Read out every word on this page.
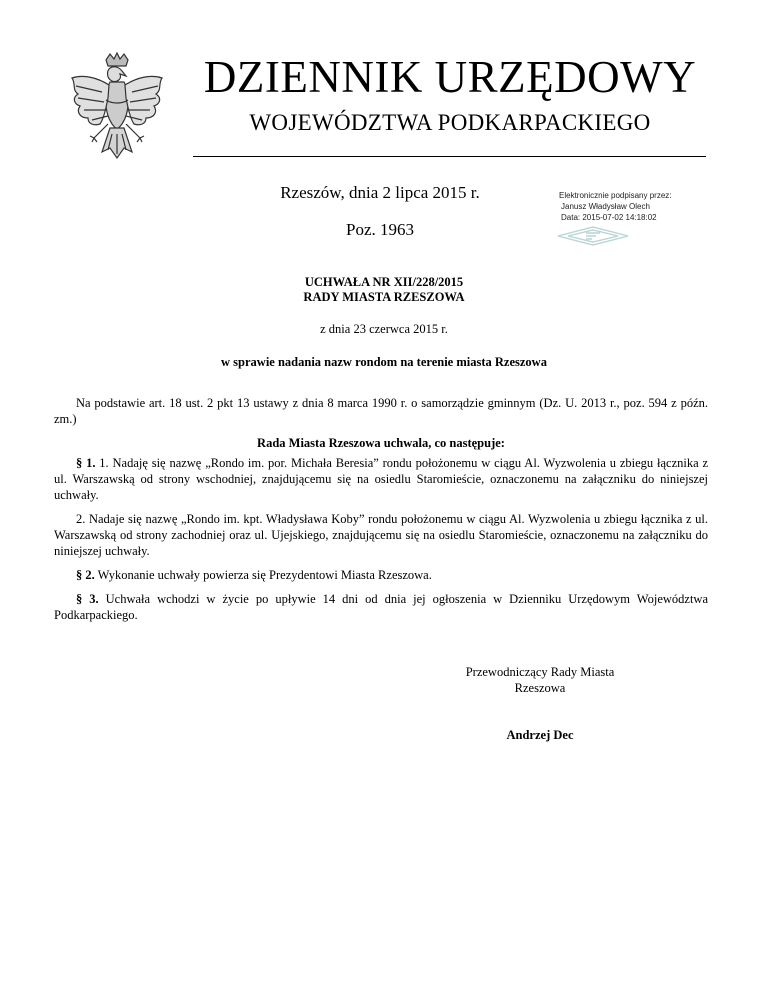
DZIENNIK URZĘDOWY
WOJEWÓDZTWA PODKARPACKIEGO
Rzeszów, dnia 2 lipca 2015 r.
Poz. 1963
Elektronicznie podpisany przez:
Janusz Władysław Olech
Data: 2015-07-02 14:18:02
UCHWAŁA NR XII/228/2015
RADY MIASTA RZESZOWA
z dnia 23 czerwca 2015 r.
w sprawie nadania nazw rondom na terenie miasta Rzeszowa

Na podstawie art. 18 ust. 2 pkt 13 ustawy z dnia 8 marca 1990 r. o samorządzie gminnym (Dz. U. 2013 r., poz. 594 z późn. zm.)

Rada Miasta Rzeszowa uchwala, co następuje:

§ 1. 1. Nadaję się nazwę „Rondo im. por. Michała Beresia” rondu położonemu w ciągu Al. Wyzwolenia u zbiegu łącznika z ul. Warszawską od strony wschodniej, znajdującemu się na osiedlu Staromieście, oznaczonemu na załączniku do niniejszej uchwały.

2. Nadaje się nazwę „Rondo im. kpt. Władysława Koby” rondu położonemu w ciągu Al. Wyzwolenia u zbiegu łącznika z ul. Warszawską od strony zachodniej oraz ul. Ujejskiego, znajdującemu się na osiedlu Staromieście, oznaczonemu na załączniku do niniejszej uchwały.

§ 2. Wykonanie uchwały powierza się Prezydentowi Miasta Rzeszowa.

§ 3. Uchwała wchodzi w życie po upływie 14 dni od dnia jej ogłoszenia w Dzienniku Urzędowym Województwa Podkarpackiego.

Przewodniczący Rady Miasta
Rzeszowa
Andrzej Dec
